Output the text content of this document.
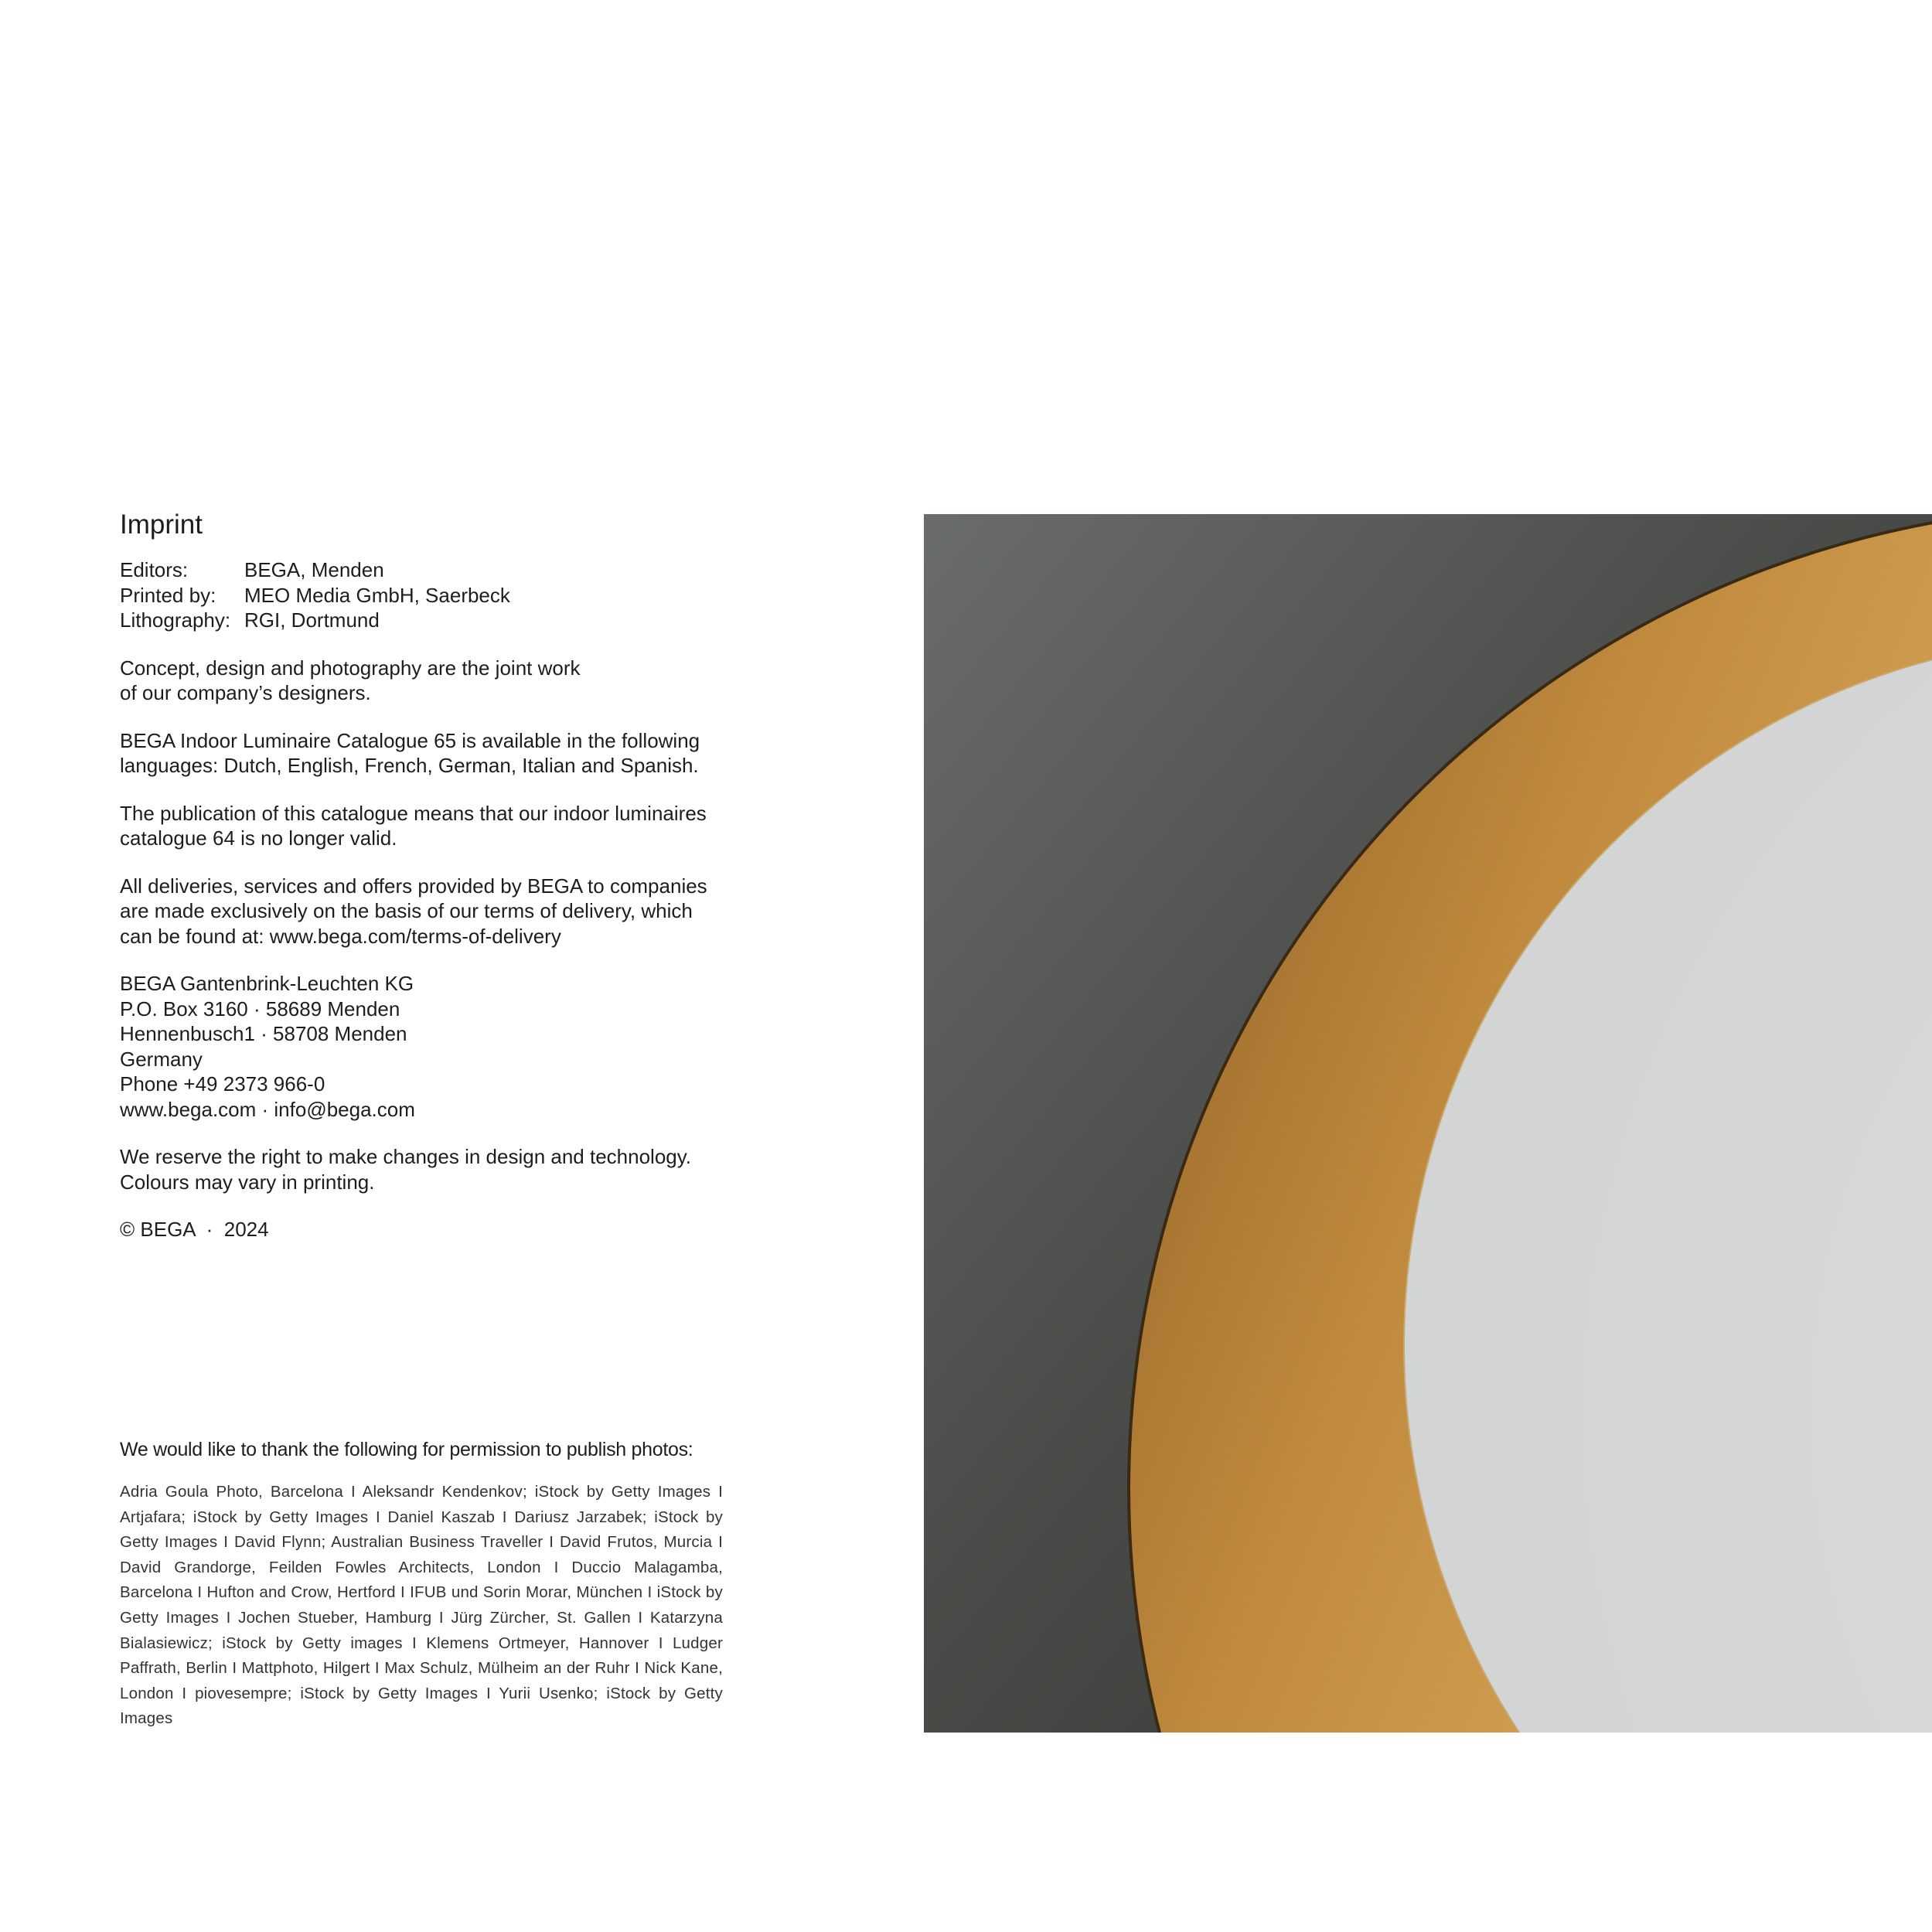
Imprint
Editors:	BEGA, Menden
Printed by:	MEO Media GmbH, Saerbeck
Lithography:	RGI, Dortmund
Concept, design and photography are the joint work
of our company’s designers.
BEGA Indoor Luminaire Catalogue 65 is available in the following
languages: Dutch, English, French, German, Italian and Spanish.
The publication of this catalogue means that our indoor luminaires
catalogue 64 is no longer valid.
All deliveries, services and offers provided by BEGA to companies
are made exclusively on the basis of our terms of delivery, which
can be found at: www.bega.com/terms-of-delivery
BEGA Gantenbrink-Leuchten KG
P.O. Box 3160 · 58689 Menden
Hennenbusch1 · 58708 Menden
Germany
Phone +49 2373 966-0
www.bega.com · info@bega.com
We reserve the right to make changes in design and technology.
Colours may vary in printing.
© BEGA  ·  2024
We would like to thank the following for permission to publish photos:
Adria Goula Photo, Barcelona I Aleksandr Kendenkov; iStock by Getty Images I Artjafara; iStock by Getty Images I Daniel Kaszab I Dariusz Jarzabek; iStock by Getty Images I David Flynn; Australian Business Traveller I David Frutos, Murcia I David Grandorge, Feilden Fowles Architects, London I Duccio Malagamba, Barcelona I Hufton and Crow, Hertford I IFUB und Sorin Morar, München I iStock by Getty Images I Jochen Stueber, Hamburg I Jürg Zürcher, St. Gallen I Katarzyna Bialasiewicz; iStock by Getty images I Klemens Ortmeyer, Hannover I Ludger Paffrath, Berlin I Mattphoto, Hilgert I Max Schulz, Mülheim an der Ruhr I Nick Kane, London I piovesempre; iStock by Getty Images I Yurii Usenko; iStock by Getty Images
